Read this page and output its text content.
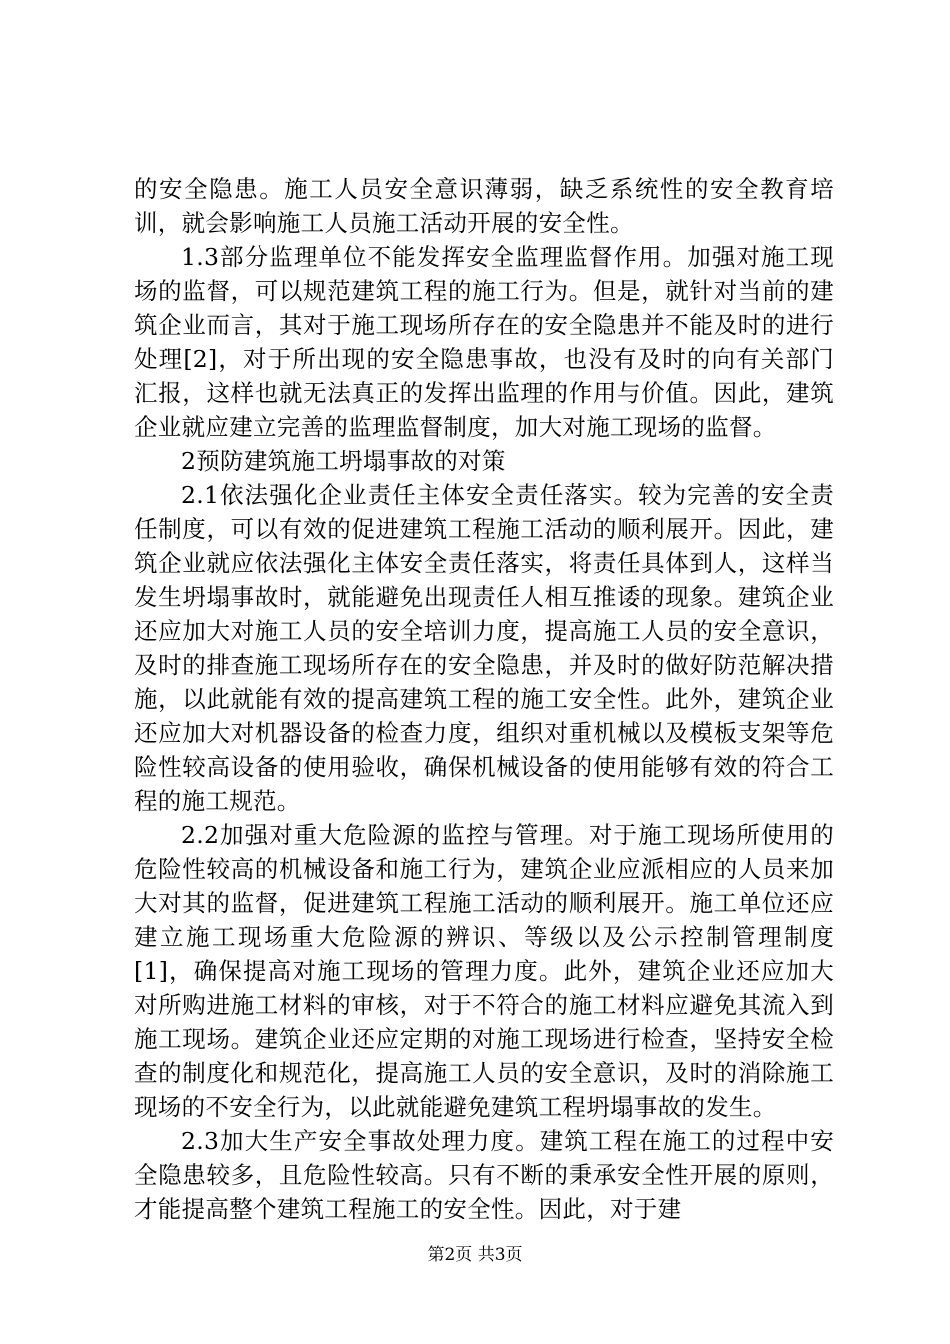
的安全隐患。施工人员安全意识薄弱，缺乏系统性的安全教育培训，就会影响施工人员施工活动开展的安全性。

1.3部分监理单位不能发挥安全监理监督作用。加强对施工现场的监督，可以规范建筑工程的施工行为。但是，就针对当前的建筑企业而言，其对于施工现场所存在的安全隐患并不能及时的进行处理[2]，对于所出现的安全隐患事故，也没有及时的向有关部门汇报，这样也就无法真正的发挥出监理的作用与价值。因此，建筑企业就应建立完善的监理监督制度，加大对施工现场的监督。

2预防建筑施工坍塌事故的对策

2.1依法强化企业责任主体安全责任落实。较为完善的安全责任制度，可以有效的促进建筑工程施工活动的顺利展开。因此，建筑企业就应依法强化主体安全责任落实，将责任具体到人，这样当发生坍塌事故时，就能避免出现责任人相互推诿的现象。建筑企业还应加大对施工人员的安全培训力度，提高施工人员的安全意识，及时的排查施工现场所存在的安全隐患，并及时的做好防范解决措施，以此就能有效的提高建筑工程的施工安全性。此外，建筑企业还应加大对机器设备的检查力度，组织对重机械以及模板支架等危险性较高设备的使用验收，确保机械设备的使用能够有效的符合工程的施工规范。

2.2加强对重大危险源的监控与管理。对于施工现场所使用的危险性较高的机械设备和施工行为，建筑企业应派相应的人员来加大对其的监督，促进建筑工程施工活动的顺利展开。施工单位还应建立施工现场重大危险源的辨识、等级以及公示控制管理制度[1]，确保提高对施工现场的管理力度。此外，建筑企业还应加大对所购进施工材料的审核，对于不符合的施工材料应避免其流入到施工现场。建筑企业还应定期的对施工现场进行检查，坚持安全检查的制度化和规范化，提高施工人员的安全意识，及时的消除施工现场的不安全行为，以此就能避免建筑工程坍塌事故的发生。

2.3加大生产安全事故处理力度。建筑工程在施工的过程中安全隐患较多，且危险性较高。只有不断的秉承安全性开展的原则，才能提高整个建筑工程施工的安全性。因此，对于建

第2页 共3页
